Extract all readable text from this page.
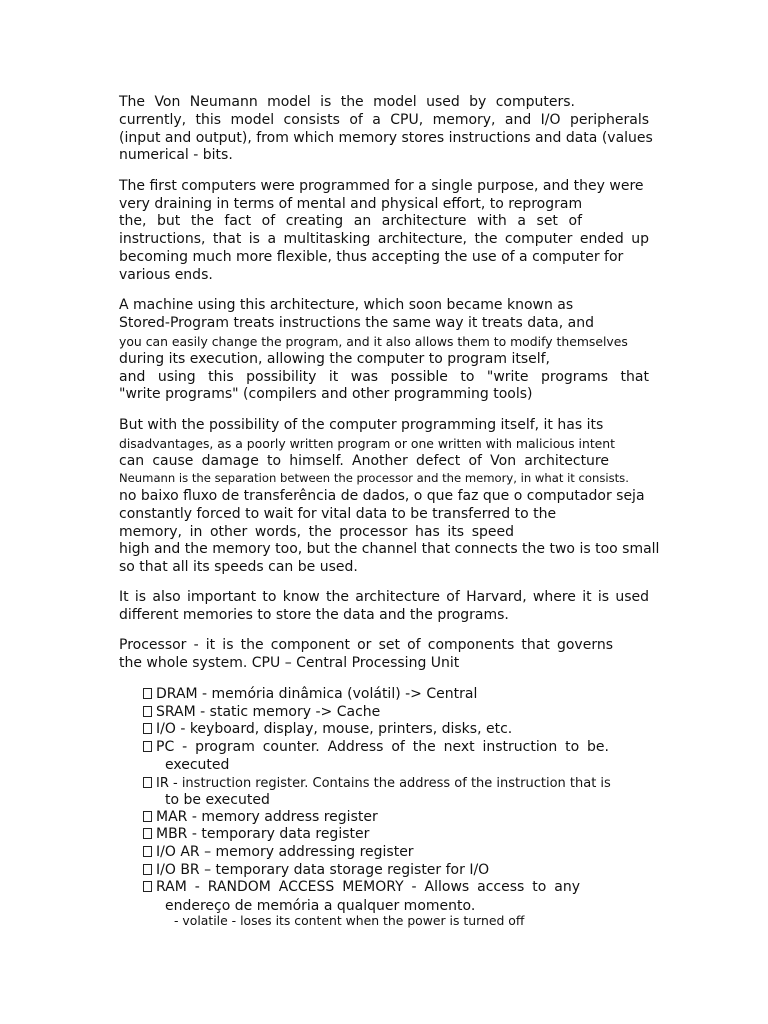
The Von Neumann model is the model used by computers.
currently, this model consists of a CPU, memory, and I/O peripherals
(input and output), from which memory stores instructions and data (values
numerical - bits.
The first computers were programmed for a single purpose, and they were
very draining in terms of mental and physical effort, to reprogram
the, but the fact of creating an architecture with a set of
instructions, that is a multitasking architecture, the computer ended up
becoming much more flexible, thus accepting the use of a computer for
various ends.
A machine using this architecture, which soon became known as
Stored-Program treats instructions the same way it treats data, and
you can easily change the program, and it also allows them to modify themselves
during its execution, allowing the computer to program itself,
and using this possibility it was possible to "write programs that
"write programs" (compilers and other programming tools)
But with the possibility of the computer programming itself, it has its
disadvantages, as a poorly written program or one written with malicious intent
can cause damage to himself. Another defect of Von architecture
Neumann is the separation between the processor and the memory, in what it consists.
no baixo fluxo de transferência de dados, o que faz que o computador seja
constantly forced to wait for vital data to be transferred to the
memory, in other words, the processor has its speed
high and the memory too, but the channel that connects the two is too small
so that all its speeds can be used.
It is also important to know the architecture of Harvard, where it is used
different memories to store the data and the programs.
Processor - it is the component or set of components that governs
the whole system. CPU – Central Processing Unit
DRAM - memória dinâmica (volátil) -> Central
SRAM - static memory -> Cache
I/O - keyboard, display, mouse, printers, disks, etc.
PC - program counter. Address of the next instruction to be.
executed
IR - instruction register. Contains the address of the instruction that is
to be executed
MAR - memory address register
MBR - temporary data register
I/O AR – memory addressing register
I/O BR – temporary data storage register for I/O
RAM - RANDOM ACCESS MEMORY - Allows access to any
endereço de memória a qualquer momento.
- volatile - loses its content when the power is turned off
